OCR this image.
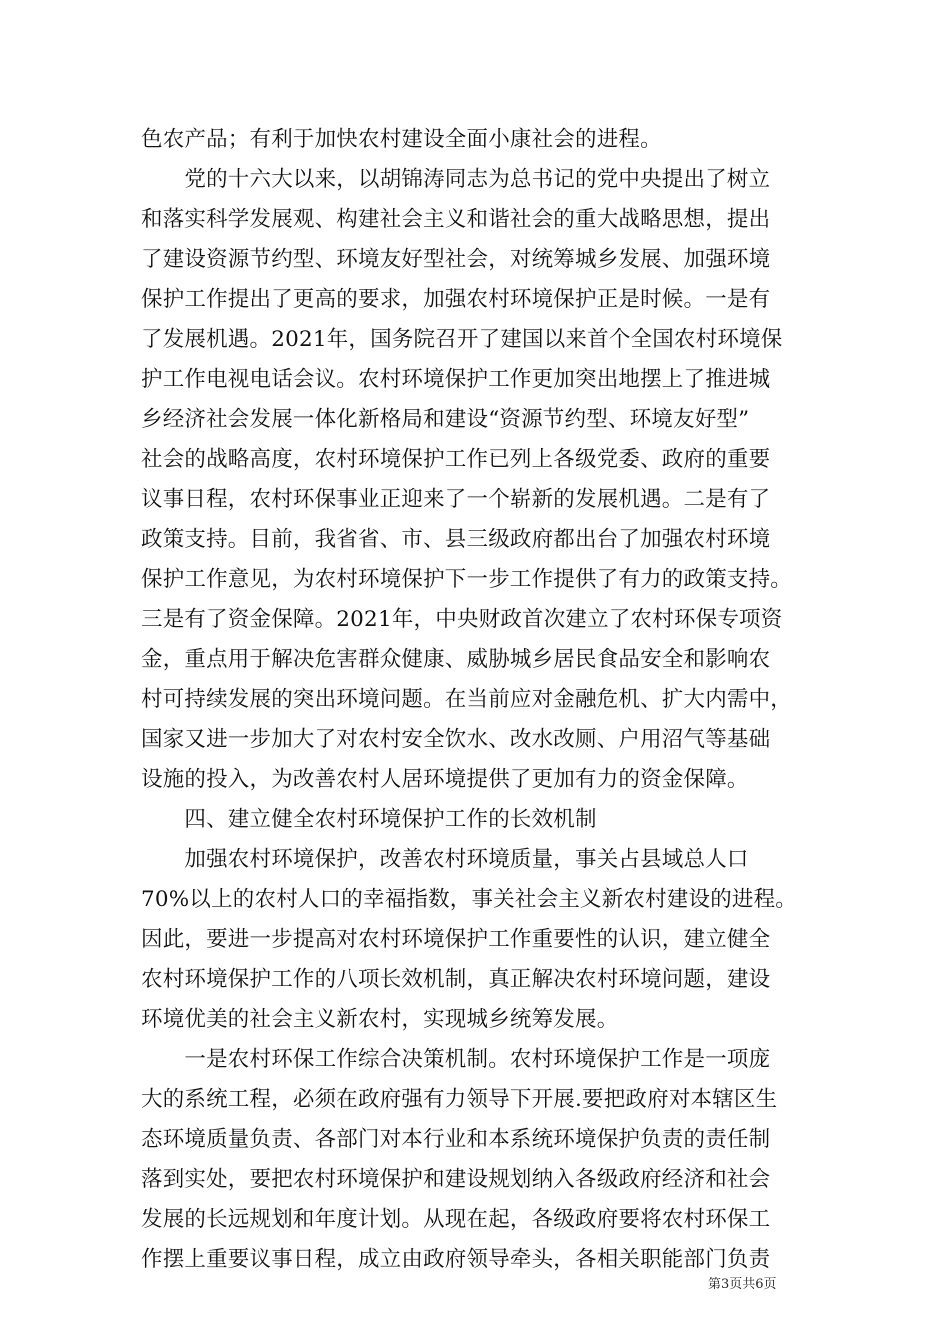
色农产品；有利于加快农村建设全面小康社会的进程。
　　党的十六大以来，以胡锦涛同志为总书记的党中央提出了树立
和落实科学发展观、构建社会主义和谐社会的重大战略思想，提出
了建设资源节约型、环境友好型社会，对统筹城乡发展、加强环境
保护工作提出了更高的要求，加强农村环境保护正是时候。一是有
了发展机遇。2021年，国务院召开了建国以来首个全国农村环境保
护工作电视电话会议。农村环境保护工作更加突出地摆上了推进城
乡经济社会发展一体化新格局和建设“资源节约型、环境友好型”
社会的战略高度，农村环境保护工作已列上各级党委、政府的重要
议事日程，农村环保事业正迎来了一个崭新的发展机遇。二是有了
政策支持。目前，我省省、市、县三级政府都出台了加强农村环境
保护工作意见，为农村环境保护下一步工作提供了有力的政策支持。
三是有了资金保障。2021年，中央财政首次建立了农村环保专项资
金，重点用于解决危害群众健康、威胁城乡居民食品安全和影响农
村可持续发展的突出环境问题。在当前应对金融危机、扩大内需中，
国家又进一步加大了对农村安全饮水、改水改厕、户用沼气等基础
设施的投入，为改善农村人居环境提供了更加有力的资金保障。
　　四、建立健全农村环境保护工作的长效机制
　　加强农村环境保护，改善农村环境质量，事关占县域总人口
70%以上的农村人口的幸福指数，事关社会主义新农村建设的进程。
因此，要进一步提高对农村环境保护工作重要性的认识，建立健全
农村环境保护工作的八项长效机制，真正解决农村环境问题，建设
环境优美的社会主义新农村，实现城乡统筹发展。
　　一是农村环保工作综合决策机制。农村环境保护工作是一项庞
大的系统工程，必须在政府强有力领导下开展.要把政府对本辖区生
态环境质量负责、各部门对本行业和本系统环境保护负责的责任制
落到实处，要把农村环境保护和建设规划纳入各级政府经济和社会
发展的长远规划和年度计划。从现在起，各级政府要将农村环保工
作摆上重要议事日程，成立由政府领导牵头，各相关职能部门负责
第3页共6页
